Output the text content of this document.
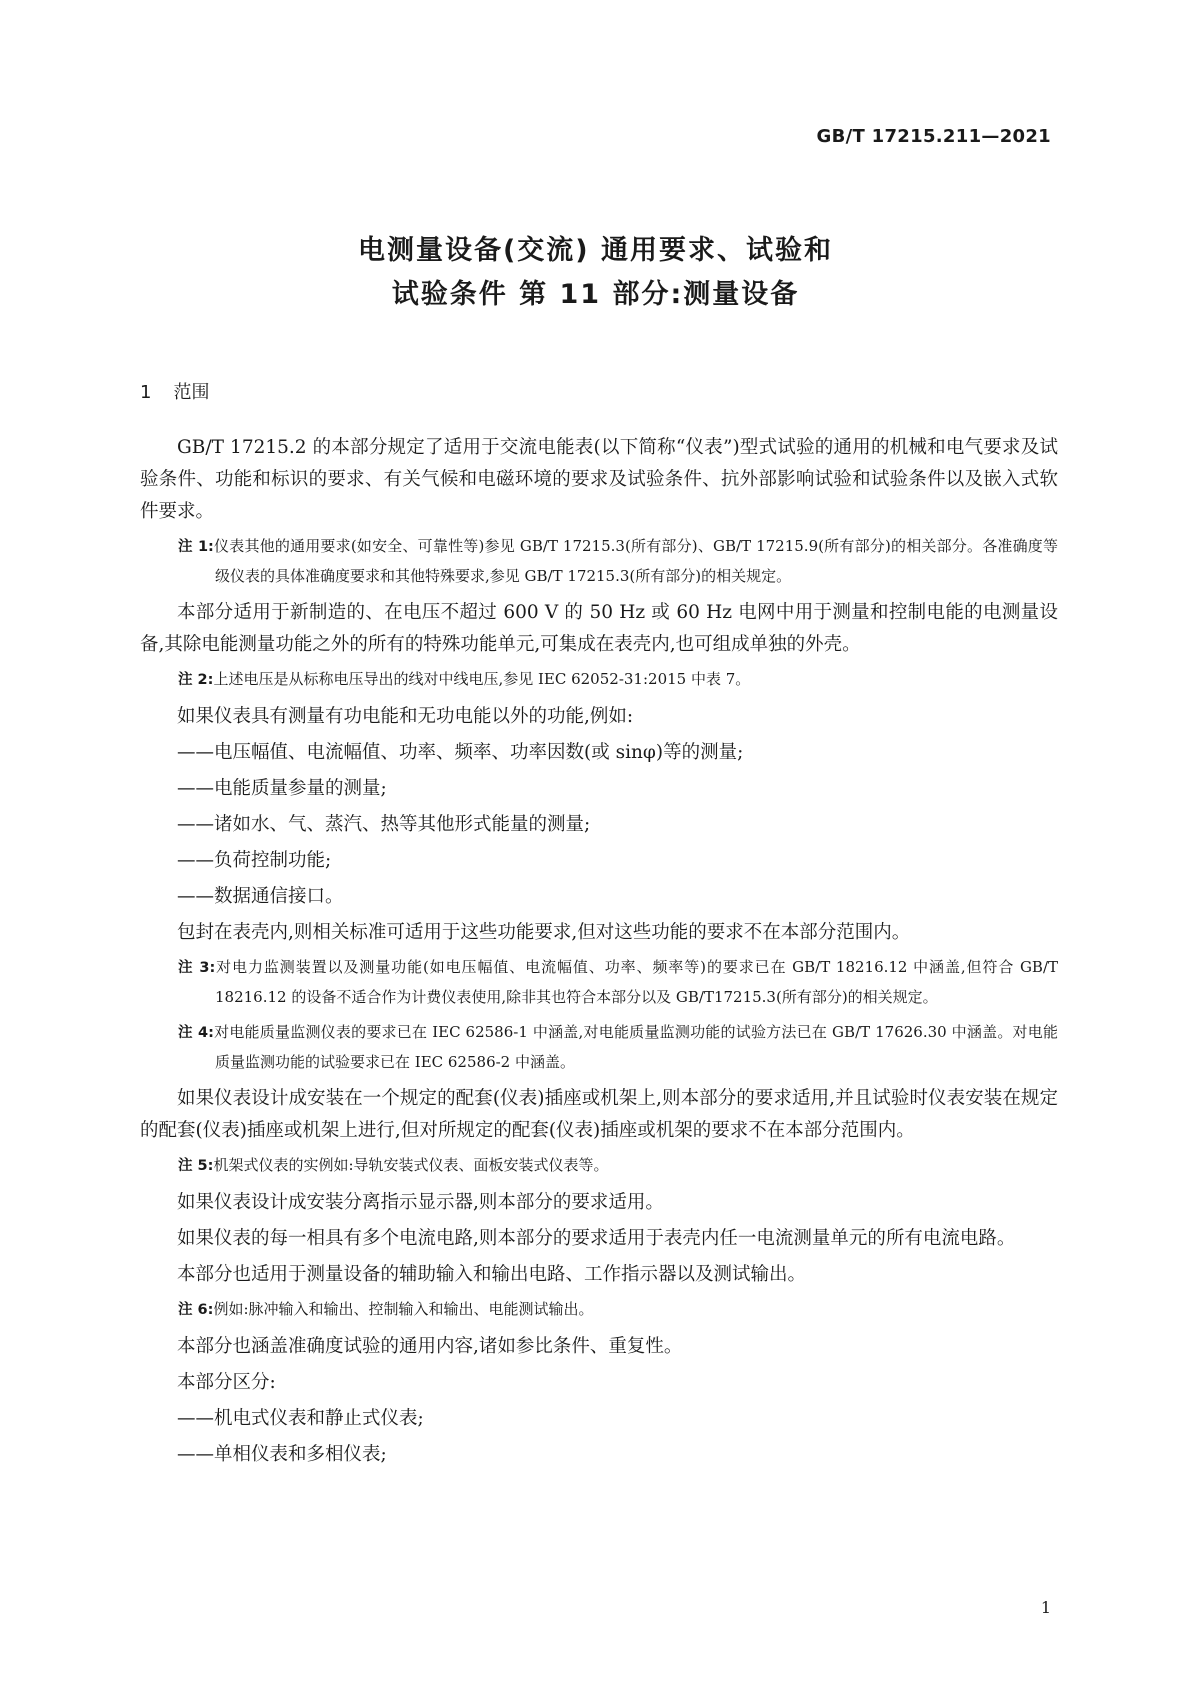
GB/T 17215.211—2021
电测量设备(交流) 通用要求、试验和
试验条件 第 11 部分:测量设备
1 范围

GB/T 17215.2 的本部分规定了适用于交流电能表(以下简称“仪表”)型式试验的通用的机械和电气要求及试验条件、功能和标识的要求、有关气候和电磁环境的要求及试验条件、抗外部影响试验和试验条件以及嵌入式软件要求。

注 1:仪表其他的通用要求(如安全、可靠性等)参见 GB/T 17215.3(所有部分)、GB/T 17215.9(所有部分)的相关部分。各准确度等级仪表的具体准确度要求和其他特殊要求,参见 GB/T 17215.3(所有部分)的相关规定。

本部分适用于新制造的、在电压不超过 600 V 的 50 Hz 或 60 Hz 电网中用于测量和控制电能的电测量设备,其除电能测量功能之外的所有的特殊功能单元,可集成在表壳内,也可组成单独的外壳。

注 2:上述电压是从标称电压导出的线对中线电压,参见 IEC 62052-31:2015 中表 7。

如果仪表具有测量有功电能和无功电能以外的功能,例如:

——电压幅值、电流幅值、功率、频率、功率因数(或 sinφ)等的测量;
——电能质量参量的测量;
——诸如水、气、蒸汽、热等其他形式能量的测量;
——负荷控制功能;
——数据通信接口。

包封在表壳内,则相关标准可适用于这些功能要求,但对这些功能的要求不在本部分范围内。

注 3:对电力监测装置以及测量功能(如电压幅值、电流幅值、功率、频率等)的要求已在 GB/T 18216.12 中涵盖,但符合 GB/T 18216.12 的设备不适合作为计费仪表使用,除非其也符合本部分以及 GB/T17215.3(所有部分)的相关规定。

注 4:对电能质量监测仪表的要求已在 IEC 62586-1 中涵盖,对电能质量监测功能的试验方法已在 GB/T 17626.30 中涵盖。对电能质量监测功能的试验要求已在 IEC 62586-2 中涵盖。

如果仪表设计成安装在一个规定的配套(仪表)插座或机架上,则本部分的要求适用,并且试验时仪表安装在规定的配套(仪表)插座或机架上进行,但对所规定的配套(仪表)插座或机架的要求不在本部分范围内。

注 5:机架式仪表的实例如:导轨安装式仪表、面板安装式仪表等。

如果仪表设计成安装分离指示显示器,则本部分的要求适用。

如果仪表的每一相具有多个电流电路,则本部分的要求适用于表壳内任一电流测量单元的所有电流电路。

本部分也适用于测量设备的辅助输入和输出电路、工作指示器以及测试输出。

注 6:例如:脉冲输入和输出、控制输入和输出、电能测试输出。

本部分也涵盖准确度试验的通用内容,诸如参比条件、重复性。

本部分区分:

——机电式仪表和静止式仪表;
——单相仪表和多相仪表;
1
